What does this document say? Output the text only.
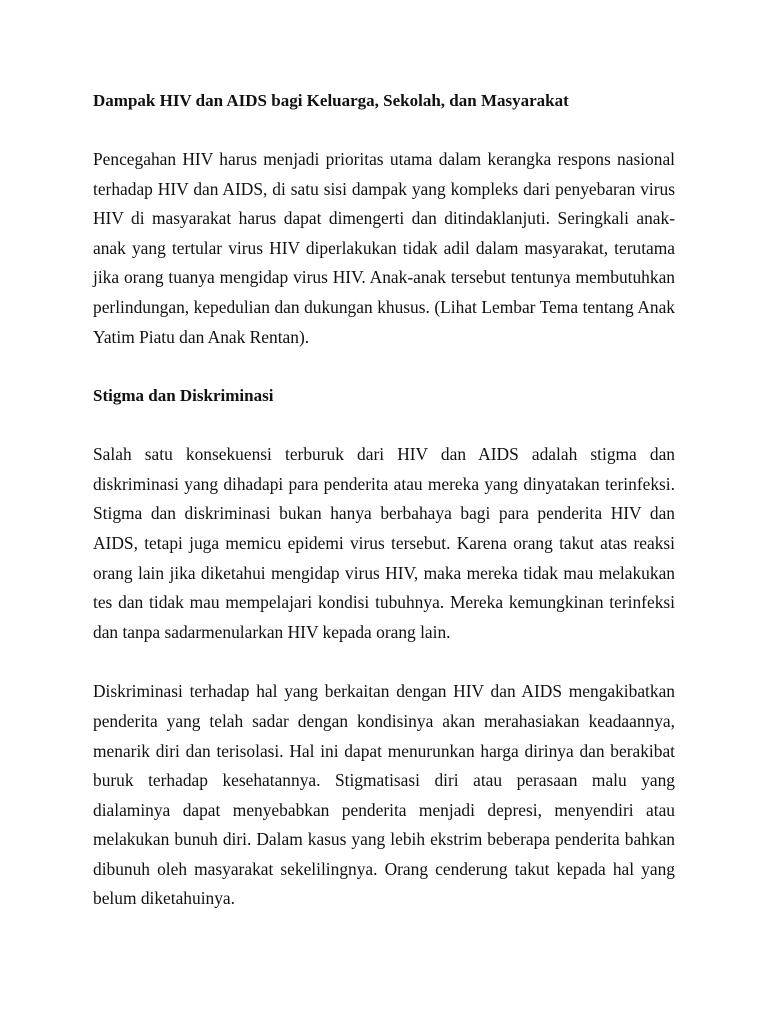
Dampak HIV dan AIDS bagi Keluarga, Sekolah, dan Masyarakat

Pencegahan HIV harus menjadi prioritas utama dalam kerangka respons nasional terhadap HIV dan AIDS, di satu sisi dampak yang kompleks dari penyebaran virus HIV di masyarakat harus dapat dimengerti dan ditindaklanjuti. Seringkali anak-anak yang tertular virus HIV diperlakukan tidak adil dalam masyarakat, terutama jika orang tuanya mengidap virus HIV. Anak-anak tersebut tentunya membutuhkan perlindungan, kepedulian dan dukungan khusus. (Lihat Lembar Tema tentang Anak Yatim Piatu dan Anak Rentan).

Stigma dan Diskriminasi

Salah satu konsekuensi terburuk dari HIV dan AIDS adalah stigma dan diskriminasi yang dihadapi para penderita atau mereka yang dinyatakan terinfeksi. Stigma dan diskriminasi bukan hanya berbahaya bagi para penderita HIV dan AIDS, tetapi juga memicu epidemi virus tersebut. Karena orang takut atas reaksi orang lain jika diketahui mengidap virus HIV, maka mereka tidak mau melakukan tes dan tidak mau mempelajari kondisi tubuhnya. Mereka kemungkinan terinfeksi dan tanpa sadarmenularkan HIV kepada orang lain.

Diskriminasi terhadap hal yang berkaitan dengan HIV dan AIDS mengakibatkan penderita yang telah sadar dengan kondisinya akan merahasiakan keadaannya, menarik diri dan terisolasi. Hal ini dapat menurunkan harga dirinya dan berakibat buruk terhadap kesehatannya. Stigmatisasi diri atau perasaan malu yang dialaminya dapat menyebabkan penderita menjadi depresi, menyendiri atau melakukan bunuh diri. Dalam kasus yang lebih ekstrim beberapa penderita bahkan dibunuh oleh masyarakat sekelilingnya. Orang cenderung takut kepada hal yang belum diketahuinya.
